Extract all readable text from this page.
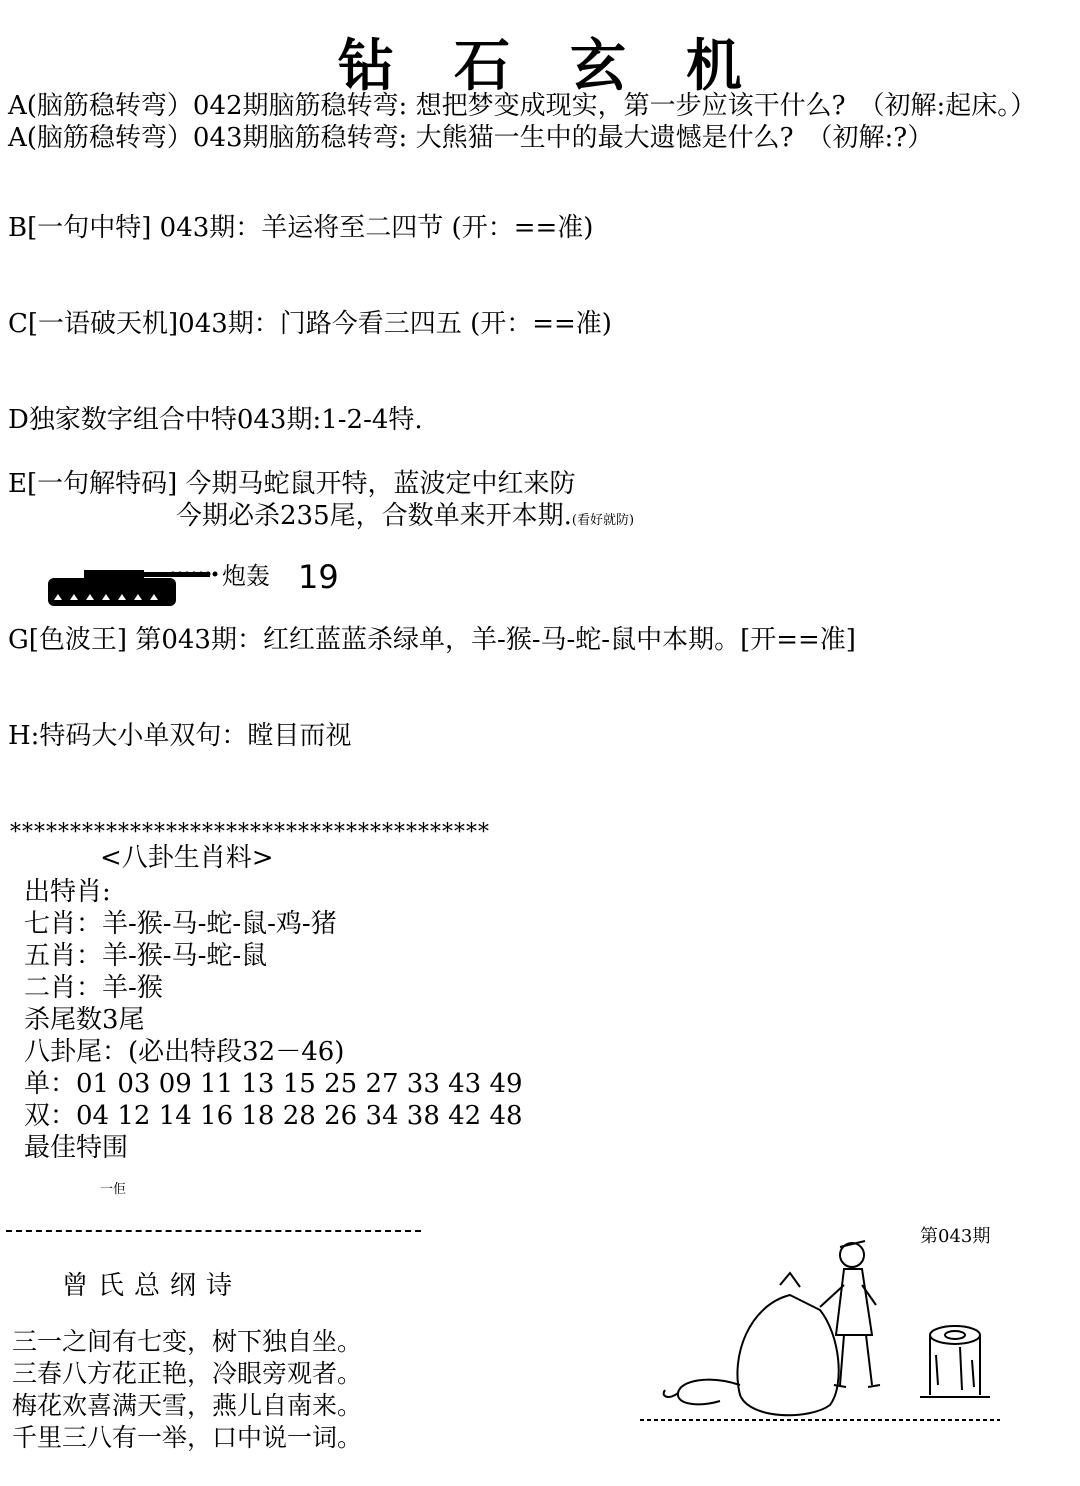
钻石玄机
A(脑筋稳转弯）042期脑筋稳转弯: 想把梦变成现实，第一步应该干什么?　（初解:起床。）
A(脑筋稳转弯）043期脑筋稳转弯: 大熊猫一生中的最大遗憾是什么?　（初解:?）
B[一句中特] 043期：羊运将至二四节 (开：==准)
C[一语破天机]043期：门路今看三四五 (开：==准)
D独家数字组合中特043期:1-2-4特.
E[一句解特码] 今期马蛇鼠开特，蓝波定中红来防
今期必杀235尾，合数单来开本期.(看好就防)
炮轰 19
G[色波王] 第043期：红红蓝蓝杀绿单，羊-猴-马-蛇-鼠中本期。[开==准]
H:特码大小单双句：瞠目而视
****************************************
<八卦生肖料>
出特肖:
七肖：羊-猴-马-蛇-鼠-鸡-猪
五肖：羊-猴-马-蛇-鼠
二肖：羊-猴
杀尾数3尾
八卦尾：(必出特段32－46)
单：01 03 09 11 13 15 25 27 33 43 49
双：04 12 14 16 18 28 26 34 38 42 48
最佳特围
一佢
第043期
曾氏总纲诗
三一之间有七变，树下独自坐。
三春八方花正艳，冷眼旁观者。
梅花欢喜满天雪，燕儿自南来。
千里三八有一举，口中说一词。
